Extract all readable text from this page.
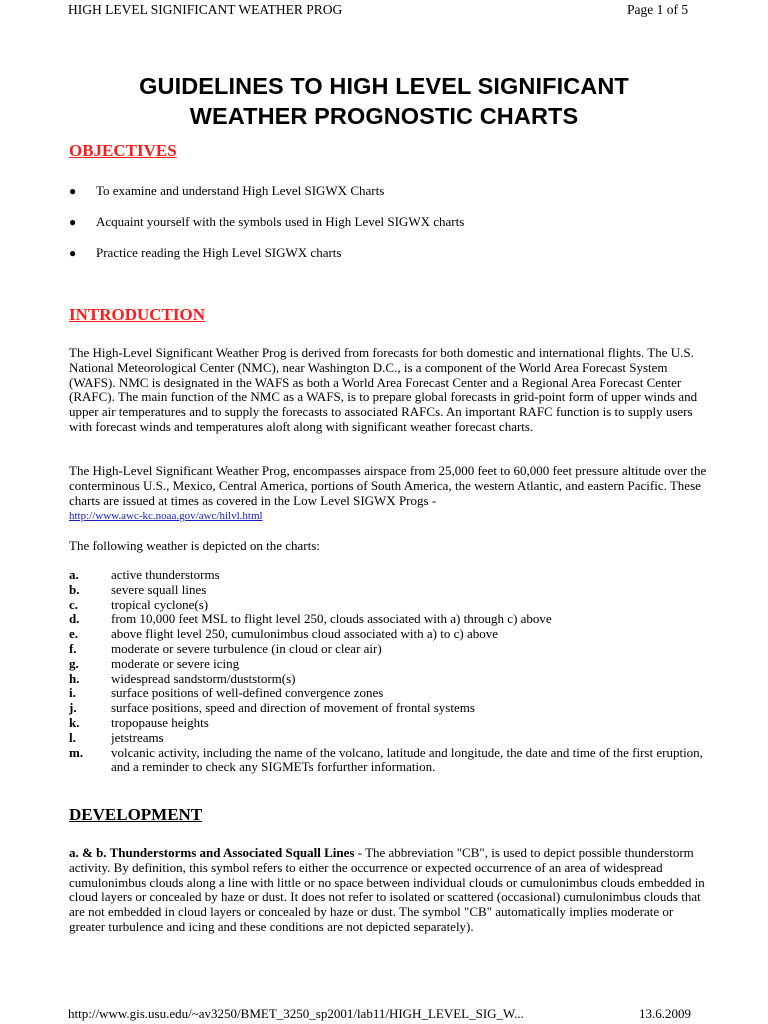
HIGH LEVEL SIGNIFICANT WEATHER PROG	Page 1 of 5
GUIDELINES TO HIGH LEVEL SIGNIFICANT
WEATHER PROGNOSTIC CHARTS
OBJECTIVES
● To examine and understand High Level SIGWX Charts
● Acquaint yourself with the symbols used in High Level SIGWX charts
● Practice reading the High Level SIGWX charts
INTRODUCTION
The High-Level Significant Weather Prog is derived from forecasts for both domestic and international flights. The U.S. National Meteorological Center (NMC), near Washington D.C., is a component of the World Area Forecast System (WAFS). NMC is designated in the WAFS as both a World Area Forecast Center and a Regional Area Forecast Center (RAFC). The main function of the NMC as a WAFS, is to prepare global forecasts in grid-point form of upper winds and upper air temperatures and to supply the forecasts to associated RAFCs. An important RAFC function is to supply users with forecast winds and temperatures aloft along with significant weather forecast charts.
The High-Level Significant Weather Prog, encompasses airspace from 25,000 feet to 60,000 feet pressure altitude over the conterminous U.S., Mexico, Central America, portions of South America, the western Atlantic, and eastern Pacific. These charts are issued at times as covered in the Low Level SIGWX Progs -
http://www.awc-kc.noaa.gov/awc/hilvl.html
The following weather is depicted on the charts:
a.	active thunderstorms
b.	severe squall lines
c.	tropical cyclone(s)
d.	from 10,000 feet MSL to flight level 250, clouds associated with a) through c) above
e.	above flight level 250, cumulonimbus cloud associated with a) to c) above
f.	moderate or severe turbulence (in cloud or clear air)
g.	moderate or severe icing
h.	widespread sandstorm/duststorm(s)
i.	surface positions of well-defined convergence zones
j.	surface positions, speed and direction of movement of frontal systems
k.	tropopause heights
l.	jetstreams
m.	volcanic activity, including the name of the volcano, latitude and longitude, the date and time of the first eruption, and a reminder to check any SIGMETs forfurther information.
DEVELOPMENT
a. & b. Thunderstorms and Associated Squall Lines - The abbreviation "CB", is used to depict possible thunderstorm activity. By definition, this symbol refers to either the occurrence or expected occurrence of an area of widespread cumulonimbus clouds along a line with little or no space between individual clouds or cumulonimbus clouds embedded in cloud layers or concealed by haze or dust. It does not refer to isolated or scattered (occasional) cumulonimbus clouds that are not embedded in cloud layers or concealed by haze or dust. The symbol "CB" automatically implies moderate or greater turbulence and icing and these conditions are not depicted separately).
http://www.gis.usu.edu/~av3250/BMET_3250_sp2001/lab11/HIGH_LEVEL_SIG_W...	13.6.2009
